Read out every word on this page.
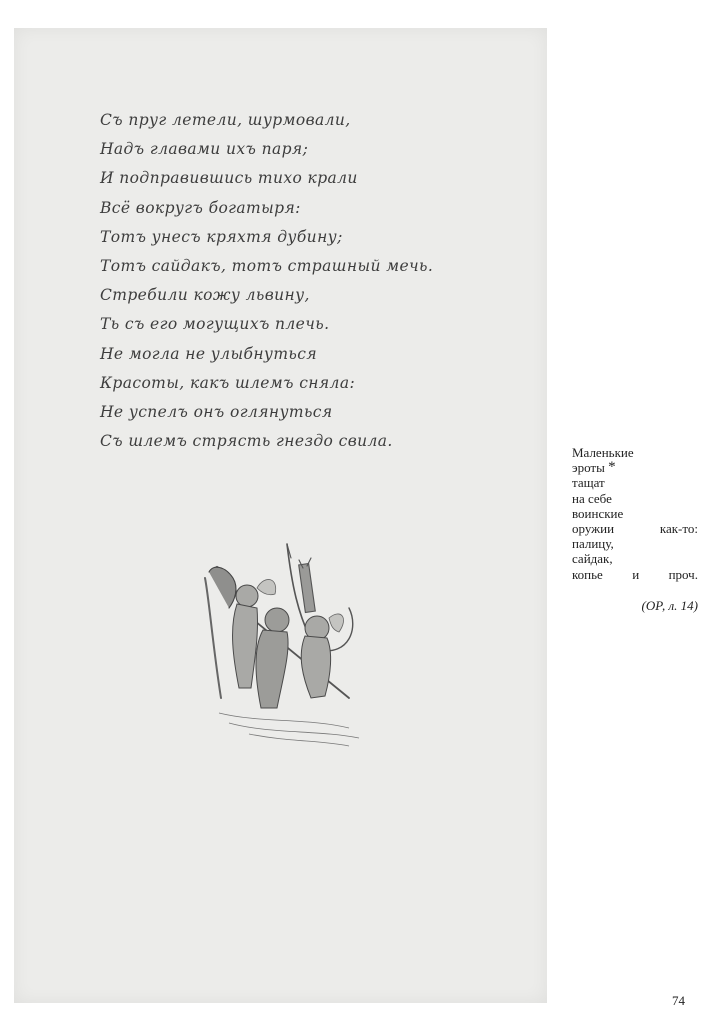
Съ пруг летели, шурмовали,
Надъ главами ихъ паря;
И подправившись тихо крали
Всё вокругъ богатыря:
Тотъ унесъ кряхтя дубину;
Тотъ сайдакъ, тотъ страшный мечь.
Стребили кожу львину,
Ть съ его могущихъ плечь.
Не могла не улыбнуться
Красоты, какъ шлемъ сняла:
Не успелъ онъ оглянуться
Съ шлемъ стрясть гнездо свила.
Маленькие
эроты *
тащат
на себе
воинские
оружии	как-то:
палицу,
сайдак,
копье и проч.
(ОР, л. 14)
74
